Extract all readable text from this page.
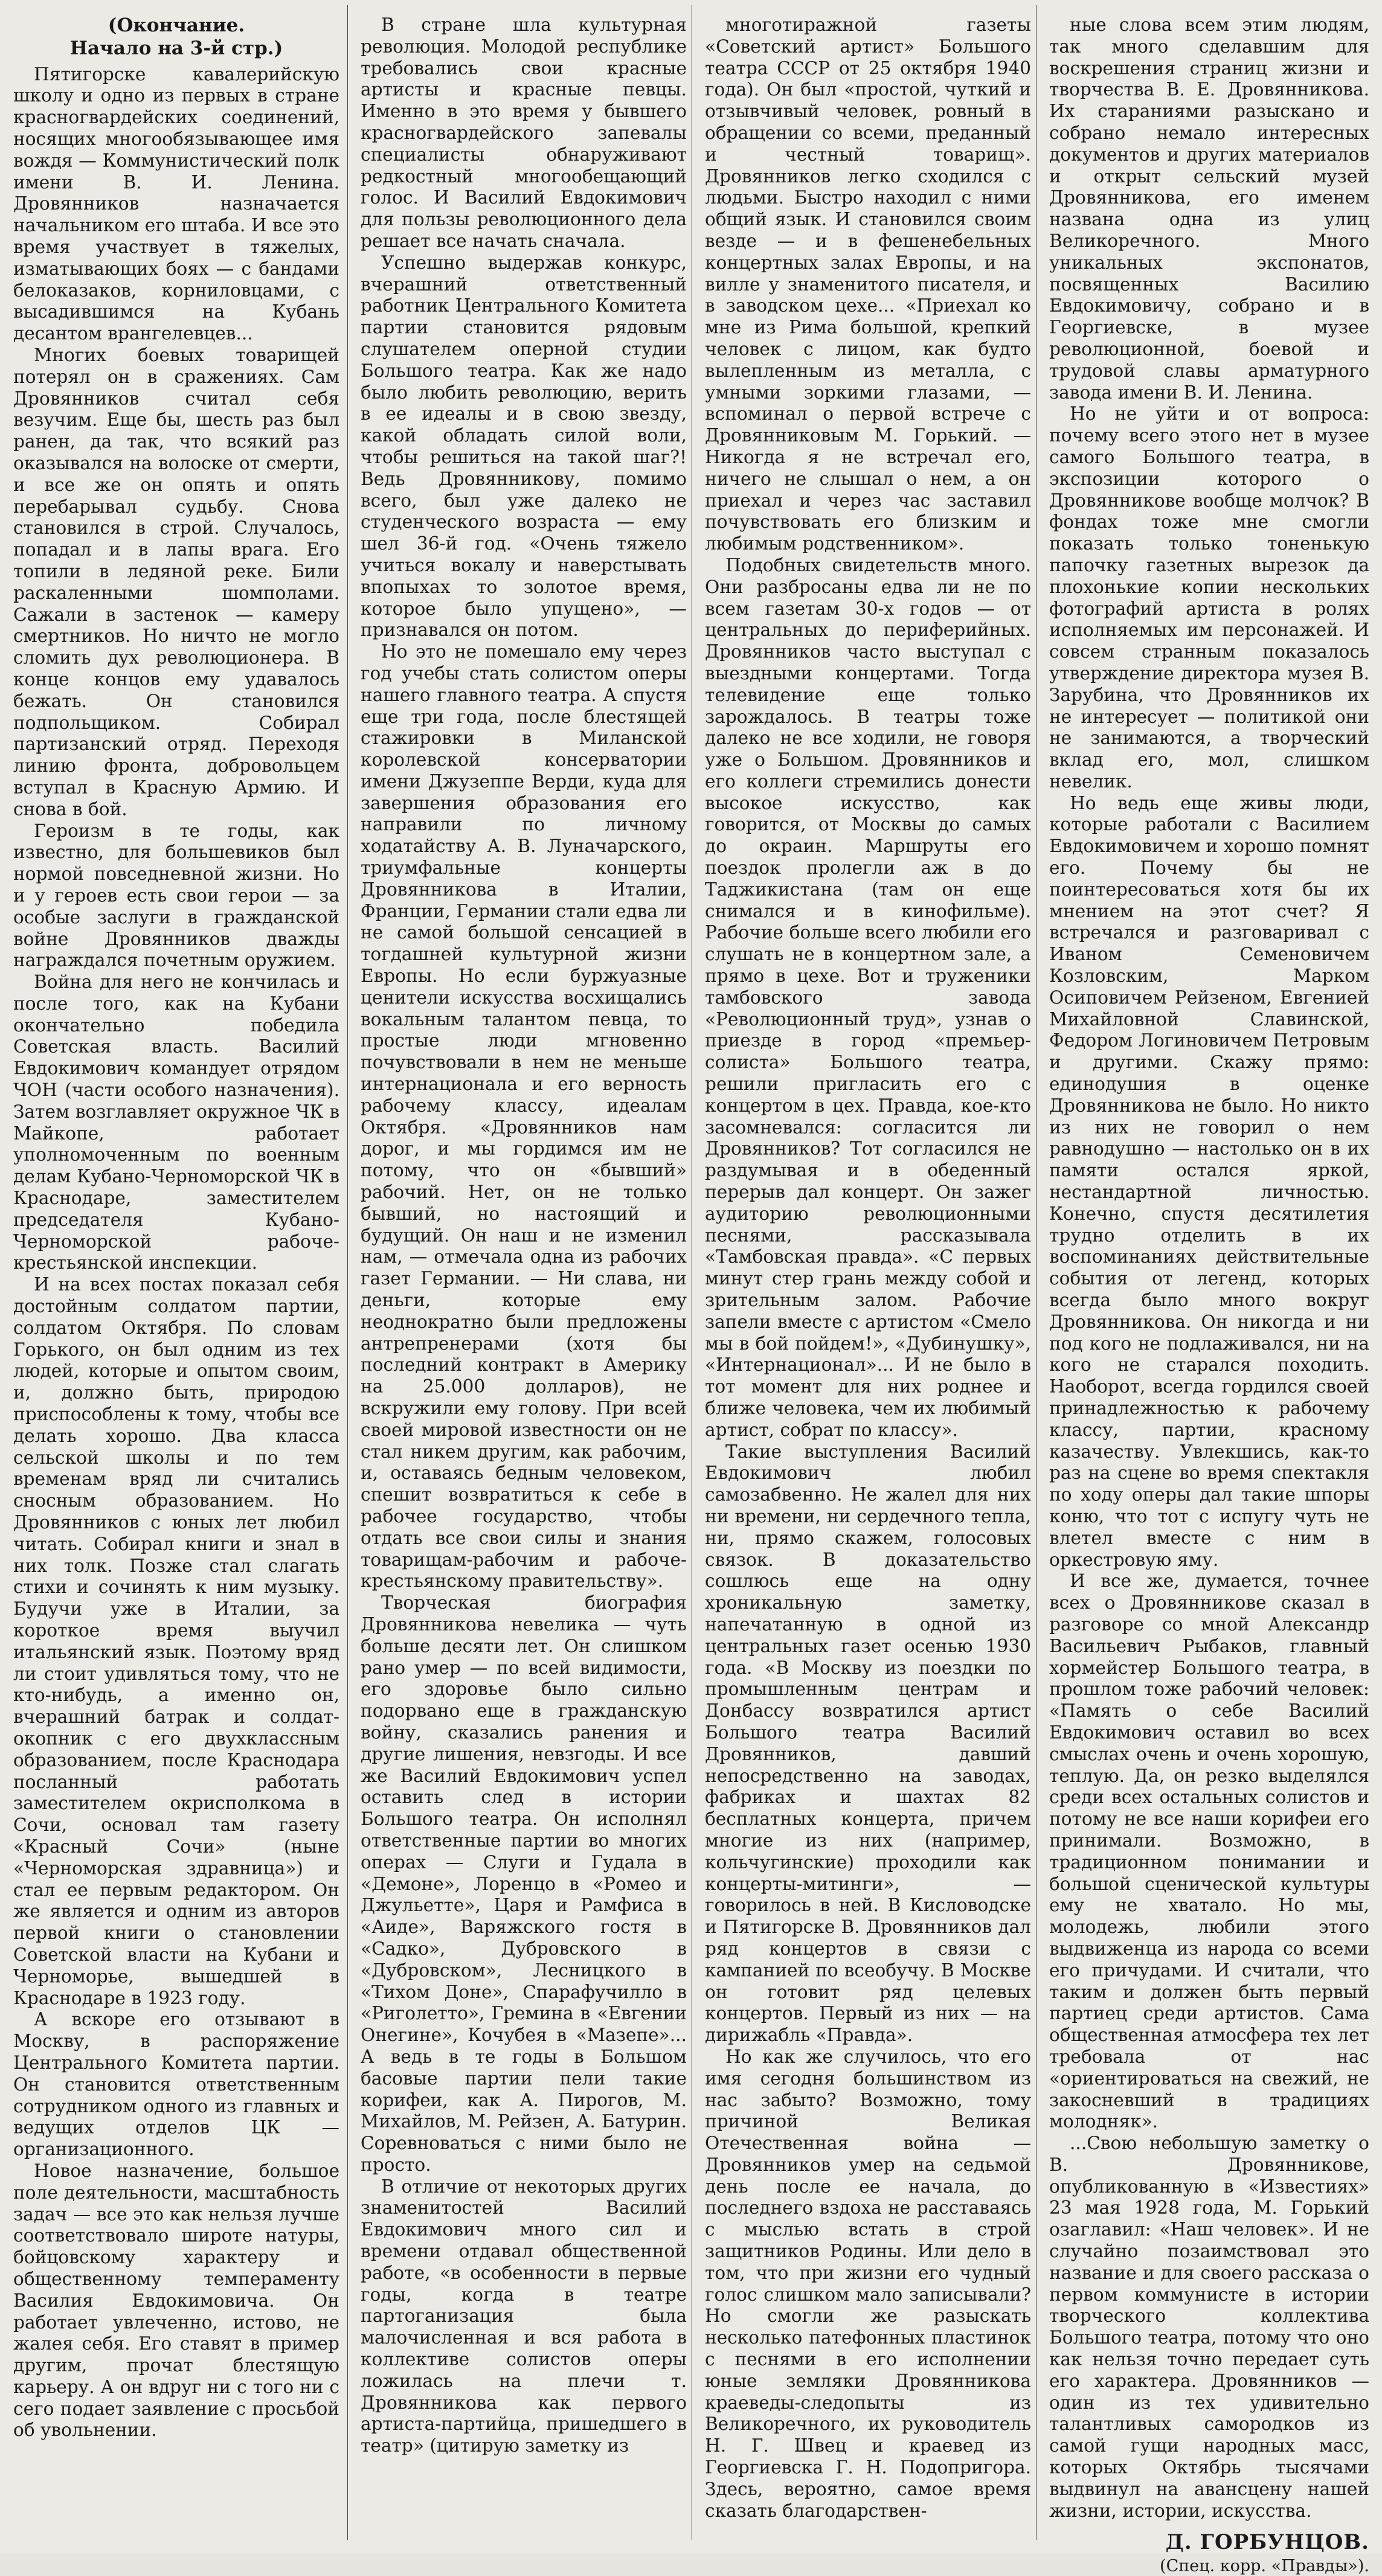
(Окончание.
Начало на 3-й стр.)

Пятигорске кавалерийскую школу и одно из первых в стране красногвардейских соединений, носящих многообязывающее имя вождя — Коммунистический полк имени В. И. Ленина. Дровянников назначается начальником его штаба. И все это время участвует в тяжелых, изматывающих боях — с бандами белоказаков, корниловцами, с высадившимся на Кубань десантом врангелевцев...

Многих боевых товарищей потерял он в сражениях. Сам Дровянников считал себя везучим. Еще бы, шесть раз был ранен, да так, что всякий раз оказывался на волоске от смерти, и все же он опять и опять перебарывал судьбу. Снова становился в строй. Случалось, попадал и в лапы врага. Его топили в ледяной реке. Били раскаленными шомполами. Сажали в застенок — камеру смертников. Но ничто не могло сломить дух революционера. В конце концов ему удавалось бежать. Он становился подпольщиком. Собирал партизанский отряд. Переходя линию фронта, добровольцем вступал в Красную Армию. И снова в бой.

Героизм в те годы, как известно, для большевиков был нормой повседневной жизни. Но и у героев есть свои герои — за особые заслуги в гражданской войне Дровянников дважды награждался почетным оружием.

Война для него не кончилась и после того, как на Кубани окончательно победила Советская власть. Василий Евдокимович командует отрядом ЧОН (части особого назначения). Затем возглавляет окружное ЧК в Майкопе, работает уполномоченным по военным делам Кубано-Черноморской ЧК в Краснодаре, заместителем председателя Кубано-Черноморской рабоче-крестьянской инспекции.

И на всех постах показал себя достойным солдатом партии, солдатом Октября. По словам Горького, он был одним из тех людей, которые и опытом своим, и, должно быть, природою приспособлены к тому, чтобы все делать хорошо. Два класса сельской школы и по тем временам вряд ли считались сносным образованием. Но Дровянников с юных лет любил читать. Собирал книги и знал в них толк. Позже стал слагать стихи и сочинять к ним музыку. Будучи уже в Италии, за короткое время выучил итальянский язык. Поэтому вряд ли стоит удивляться тому, что не кто-нибудь, а именно он, вчерашний батрак и солдат-окопник с его двухклассным образованием, после Краснодара посланный работать заместителем окрисполкома в Сочи, основал там газету «Красный Сочи» (ныне «Черноморская здравница») и стал ее первым редактором. Он же является и одним из авторов первой книги о становлении Советской власти на Кубани и Черноморье, вышедшей в Краснодаре в 1923 году.

А вскоре его отзывают в Москву, в распоряжение Центрального Комитета партии. Он становится ответственным сотрудником одного из главных и ведущих отделов ЦК — организационного.

Новое назначение, большое поле деятельности, масштабность задач — все это как нельзя лучше соответствовало широте натуры, бойцовскому характеру и общественному темпераменту Василия Евдокимовича. Он работает увлеченно, истово, не жалея себя. Его ставят в пример другим, прочат блестящую карьеру. А он вдруг ни с того ни с сего подает заявление с просьбой об увольнении.

В стране шла культурная революция. Молодой республике требовались свои красные артисты и красные певцы. Именно в это время у бывшего красногвардейского запевалы специалисты обнаруживают редкостный многообещающий голос. И Василий Евдокимович для пользы революционного дела решает все начать сначала.

Успешно выдержав конкурс, вчерашний ответственный работник Центрального Комитета партии становится рядовым слушателем оперной студии Большого театра. Как же надо было любить революцию, верить в ее идеалы и в свою звезду, какой обладать силой воли, чтобы решиться на такой шаг?! Ведь Дровянникову, помимо всего, был уже далеко не студенческого возраста — ему шел 36-й год. «Очень тяжело учиться вокалу и наверстывать впопыхах то золотое время, которое было упущено», — признавался он потом.

Но это не помешало ему через год учебы стать солистом оперы нашего главного театра. А спустя еще три года, после блестящей стажировки в Миланской королевской консерватории имени Джузеппе Верди, куда для завершения образования его направили по личному ходатайству А. В. Луначарского, триумфальные концерты Дровянникова в Италии, Франции, Германии стали едва ли не самой большой сенсацией в тогдашней культурной жизни Европы. Но если буржуазные ценители искусства восхищались вокальным талантом певца, то простые люди мгновенно почувствовали в нем не меньше интернационала и его верность рабочему классу, идеалам Октября. «Дровянников нам дорог, и мы гордимся им не потому, что он «бывший» рабочий. Нет, он не только бывший, но настоящий и будущий. Он наш и не изменил нам, — отмечала одна из рабочих газет Германии. — Ни слава, ни деньги, которые ему неоднократно были предложены антрепренерами (хотя бы последний контракт в Америку на 25.000 долларов), не вскружили ему голову. При всей своей мировой известности он не стал никем другим, как рабочим, и, оставаясь бедным человеком, спешит возвратиться к себе в рабочее государство, чтобы отдать все свои силы и знания товарищам-рабочим и рабоче-крестьянскому правительству».

Творческая биография Дровянникова невелика — чуть больше десяти лет. Он слишком рано умер — по всей видимости, его здоровье было сильно подорвано еще в гражданскую войну, сказались ранения и другие лишения, невзгоды. И все же Василий Евдокимович успел оставить след в истории Большого театра. Он исполнял ответственные партии во многих операх — Слуги и Гудала в «Демоне», Лоренцо в «Ромео и Джульетте», Царя и Рамфиса в «Аиде», Варяжского гостя в «Садко», Дубровского в «Дубровском», Лесницкого в «Тихом Доне», Спарафучилло в «Риголетто», Гремина в «Евгении Онегине», Кочубея в «Мазепе»... А ведь в те годы в Большом басовые партии пели такие корифеи, как А. Пирогов, М. Михайлов, М. Рейзен, А. Батурин. Соревноваться с ними было не просто.

В отличие от некоторых других знаменитостей Василий Евдокимович много сил и времени отдавал общественной работе, «в особенности в первые годы, когда в театре партоганизация была малочисленная и вся работа в коллективе солистов оперы ложилась на плечи т. Дровянникова как первого артиста-партийца, пришедшего в театр» (цитирую заметку из

многотиражной газеты «Советский артист» Большого театра СССР от 25 октября 1940 года). Он был «простой, чуткий и отзывчивый человек, ровный в обращении со всеми, преданный и честный товарищ». Дровянников легко сходился с людьми. Быстро находил с ними общий язык. И становился своим везде — и в фешенебельных концертных залах Европы, и на вилле у знаменитого писателя, и в заводском цехе... «Приехал ко мне из Рима большой, крепкий человек с лицом, как будто вылепленным из металла, с умными зоркими глазами, — вспоминал о первой встрече с Дровянниковым М. Горький. — Никогда я не встречал его, ничего не слышал о нем, а он приехал и через час заставил почувствовать его близким и любимым родственником».

Подобных свидетельств много. Они разбросаны едва ли не по всем газетам 30-х годов — от центральных до периферийных. Дровянников часто выступал с выездными концертами. Тогда телевидение еще только зарождалось. В театры тоже далеко не все ходили, не говоря уже о Большом. Дровянников и его коллеги стремились донести высокое искусство, как говорится, от Москвы до самых до окраин. Маршруты его поездок пролегли аж в до Таджикистана (там он еще снимался и в кинофильме). Рабочие больше всего любили его слушать не в концертном зале, а прямо в цехе. Вот и труженики тамбовского завода «Революционный труд», узнав о приезде в город «премьер-солиста» Большого театра, решили пригласить его с концертом в цех. Правда, кое-кто засомневался: согласится ли Дровянников? Тот согласился не раздумывая и в обеденный перерыв дал концерт. Он зажег аудиторию революционными песнями, рассказывала «Тамбовская правда». «С первых минут стер грань между собой и зрительным залом. Рабочие запели вместе с артистом «Смело мы в бой пойдем!», «Дубинушку», «Интернационал»... И не было в тот момент для них роднее и ближе человека, чем их любимый артист, собрат по классу».

Такие выступления Василий Евдокимович любил самозабвенно. Не жалел для них ни времени, ни сердечного тепла, ни, прямо скажем, голосовых связок. В доказательство сошлюсь еще на одну хроникальную заметку, напечатанную в одной из центральных газет осенью 1930 года. «В Москву из поездки по промышленным центрам и Донбассу возвратился артист Большого театра Василий Дровянников, давший непосредственно на заводах, фабриках и шахтах 82 бесплатных концерта, причем многие из них (например, кольчугинские) проходили как концерты-митинги», — говорилось в ней. В Кисловодске и Пятигорске В. Дровянников дал ряд концертов в связи с кампанией по всеобучу. В Москве он готовит ряд целевых концертов. Первый из них — на дирижабль «Правда».

Но как же случилось, что его имя сегодня большинством из нас забыто? Возможно, тому причиной Великая Отечественная война — Дровянников умер на седьмой день после ее начала, до последнего вздоха не расставаясь с мыслью встать в строй защитников Родины. Или дело в том, что при жизни его чудный голос слишком мало записывали? Но смогли же разыскать несколько патефонных пластинок с песнями в его исполнении юные земляки Дровянникова краеведы-следопыты из Великоречного, их руководитель Н. Г. Швец и краевед из Георгиевска Г. Н. Подопригора. Здесь, вероятно, самое время сказать благодарствен-

ные слова всем этим людям, так много сделавшим для воскрешения страниц жизни и творчества В. Е. Дровянникова. Их стараниями разыскано и собрано немало интересных документов и других материалов и открыт сельский музей Дровянникова, его именем названа одна из улиц Великоречного. Много уникальных экспонатов, посвященных Василию Евдокимовичу, собрано и в Георгиевске, в музее революционной, боевой и трудовой славы арматурного завода имени В. И. Ленина.

Но не уйти и от вопроса: почему всего этого нет в музее самого Большого театра, в экспозиции которого о Дровянникове вообще молчок? В фондах тоже мне смогли показать только тоненькую папочку газетных вырезок да плохонькие копии нескольких фотографий артиста в ролях исполняемых им персонажей. И совсем странным показалось утверждение директора музея В. Зарубина, что Дровянников их не интересует — политикой они не занимаются, а творческий вклад его, мол, слишком невелик.

Но ведь еще живы люди, которые работали с Василием Евдокимовичем и хорошо помнят его. Почему бы не поинтересоваться хотя бы их мнением на этот счет? Я встречался и разговаривал с Иваном Семеновичем Козловским, Марком Осиповичем Рейзеном, Евгенией Михайловной Славинской, Федором Логиновичем Петровым и другими. Скажу прямо: единодушия в оценке Дровянникова не было. Но никто из них не говорил о нем равнодушно — настолько он в их памяти остался яркой, нестандартной личностью. Конечно, спустя десятилетия трудно отделить в их воспоминаниях действительные события от легенд, которых всегда было много вокруг Дровянникова. Он никогда и ни под кого не подлаживался, ни на кого не старался походить. Наоборот, всегда гордился своей принадлежностью к рабочему классу, партии, красному казачеству. Увлекшись, как-то раз на сцене во время спектакля по ходу оперы дал такие шпоры коню, что тот с испугу чуть не влетел вместе с ним в оркестровую яму.

И все же, думается, точнее всех о Дровянникове сказал в разговоре со мной Александр Васильевич Рыбаков, главный хормейстер Большого театра, в прошлом тоже рабочий человек: «Память о себе Василий Евдокимович оставил во всех смыслах очень и очень хорошую, теплую. Да, он резко выделялся среди всех остальных солистов и потому не все наши корифеи его принимали. Возможно, в традиционном понимании и большой сценической культуры ему не хватало. Но мы, молодежь, любили этого выдвиженца из народа со всеми его причудами. И считали, что таким и должен быть первый партиец среди артистов. Сама общественная атмосфера тех лет требовала от нас «ориентироваться на свежий, не закосневший в традициях молодняк».

...Свою небольшую заметку о В. Дровянникове, опубликованную в «Известиях» 23 мая 1928 года, М. Горький озаглавил: «Наш человек». И не случайно позаимствовал это название и для своего рассказа о первом коммунисте в истории творческого коллектива Большого театра, потому что оно как нельзя точно передает суть его характера. Дровянников — один из тех удивительно талантливых самородков из самой гущи народных масс, которых Октябрь тысячами выдвинул на авансцену нашей жизни, истории, искусства.

Д. ГОРБУНЦОВ.
(Спец. корр. «Правды»).
